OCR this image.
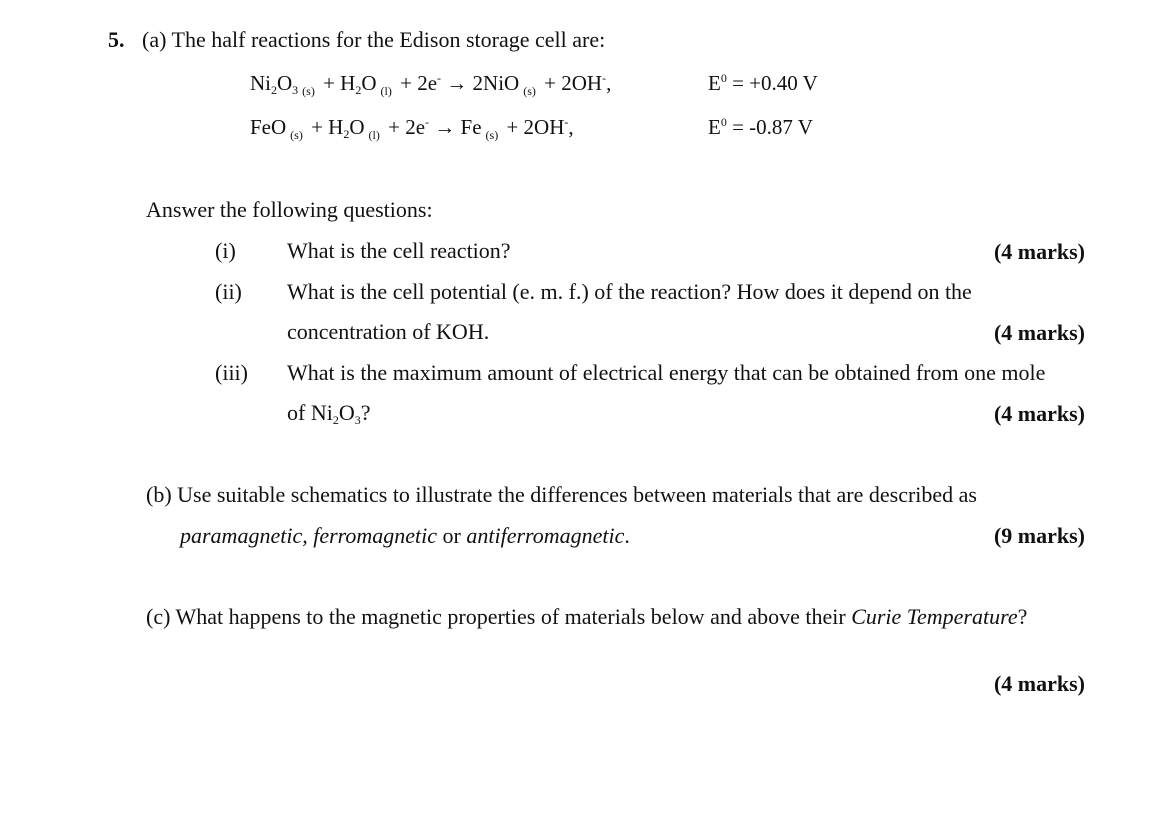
5. (a) The half reactions for the Edison storage cell are:
Ni2O3 $_{(s)}$ + H2O $_{(l)}$ + 2e- → 2NiO $_{(s)}$ + 2OH-,	$E^0 = +0.40$ V
FeO $_{(s)}$ + H2O $_{(l)}$ + 2e- → Fe $_{(s)}$ + 2OH-,	$E^0 = -0.87$ V
Answer the following questions:
(i) What is the cell reaction?	(4 marks)
(ii) What is the cell potential (e. m. f.) of the reaction? How does it depend on the
concentration of KOH.	(4 marks)
(iii) What is the maximum amount of electrical energy that can be obtained from one mole
of Ni2O3?	(4 marks)
(b) Use suitable schematics to illustrate the differences between materials that are described as
paramagnetic, ferromagnetic or antiferromagnetic.	(9 marks)
(c) What happens to the magnetic properties of materials below and above their Curie Temperature?
(4 marks)
